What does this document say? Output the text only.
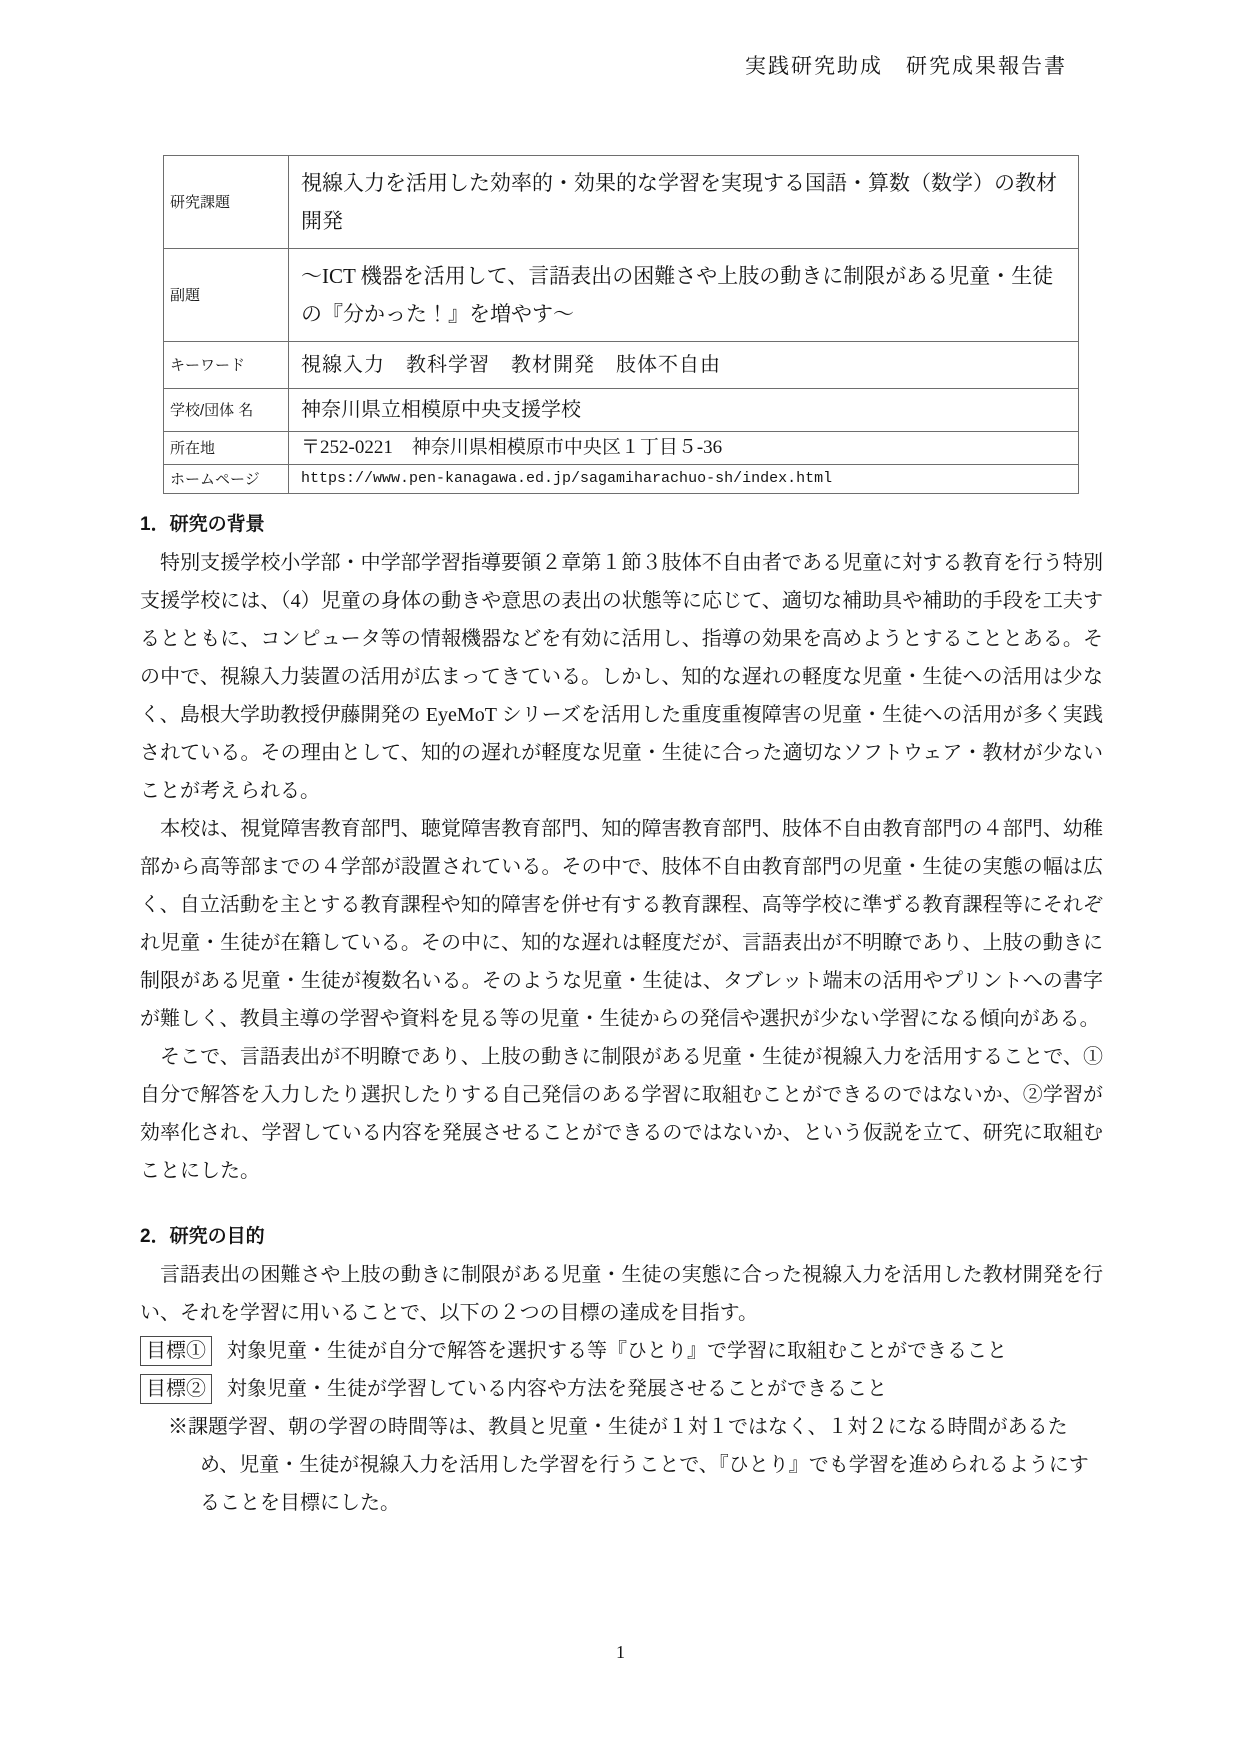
実践研究助成　研究成果報告書
研究課題	視線入力を活用した効率的・効果的な学習を実現する国語・算数（数学）の教材開発
副題	～ICT 機器を活用して、言語表出の困難さや上肢の動きに制限がある児童・生徒の『分かった！』を増やす～
キーワード	視線入力　教科学習　教材開発　肢体不自由
学校/団体 名	神奈川県立相模原中央支援学校
所在地	〒252-0221　神奈川県相模原市中央区１丁目５-36
ホームページ	https://www.pen-kanagawa.ed.jp/sagamiharachuo-sh/index.html
1．研究の背景

特別支援学校小学部・中学部学習指導要領２章第１節３肢体不自由者である児童に対する教育を行う特別支援学校には、（4）児童の身体の動きや意思の表出の状態等に応じて、適切な補助具や補助的手段を工夫するとともに、コンピュータ等の情報機器などを有効に活用し、指導の効果を高めようとすることとある。その中で、視線入力装置の活用が広まってきている。しかし、知的な遅れの軽度な児童・生徒への活用は少なく、島根大学助教授伊藤開発の EyeMoT シリーズを活用した重度重複障害の児童・生徒への活用が多く実践されている。その理由として、知的の遅れが軽度な児童・生徒に合った適切なソフトウェア・教材が少ないことが考えられる。

本校は、視覚障害教育部門、聴覚障害教育部門、知的障害教育部門、肢体不自由教育部門の４部門、幼稚部から高等部までの４学部が設置されている。その中で、肢体不自由教育部門の児童・生徒の実態の幅は広く、自立活動を主とする教育課程や知的障害を併せ有する教育課程、高等学校に準ずる教育課程等にそれぞれ児童・生徒が在籍している。その中に、知的な遅れは軽度だが、言語表出が不明瞭であり、上肢の動きに制限がある児童・生徒が複数名いる。そのような児童・生徒は、タブレット端末の活用やプリントへの書字が難しく、教員主導の学習や資料を見る等の児童・生徒からの発信や選択が少ない学習になる傾向がある。

そこで、言語表出が不明瞭であり、上肢の動きに制限がある児童・生徒が視線入力を活用することで、①自分で解答を入力したり選択したりする自己発信のある学習に取組むことができるのではないか、②学習が効率化され、学習している内容を発展させることができるのではないか、という仮説を立て、研究に取組むことにした。

2．研究の目的

言語表出の困難さや上肢の動きに制限がある児童・生徒の実態に合った視線入力を活用した教材開発を行い、それを学習に用いることで、以下の２つの目標の達成を目指す。

目標① 対象児童・生徒が自分で解答を選択する等『ひとり』で学習に取組むことができること
目標② 対象児童・生徒が学習している内容や方法を発展させることができること

※課題学習、朝の学習の時間等は、教員と児童・生徒が１対１ではなく、１対２になる時間があるため、児童・生徒が視線入力を活用した学習を行うことで、『ひとり』でも学習を進められるようにすることを目標にした。

1
